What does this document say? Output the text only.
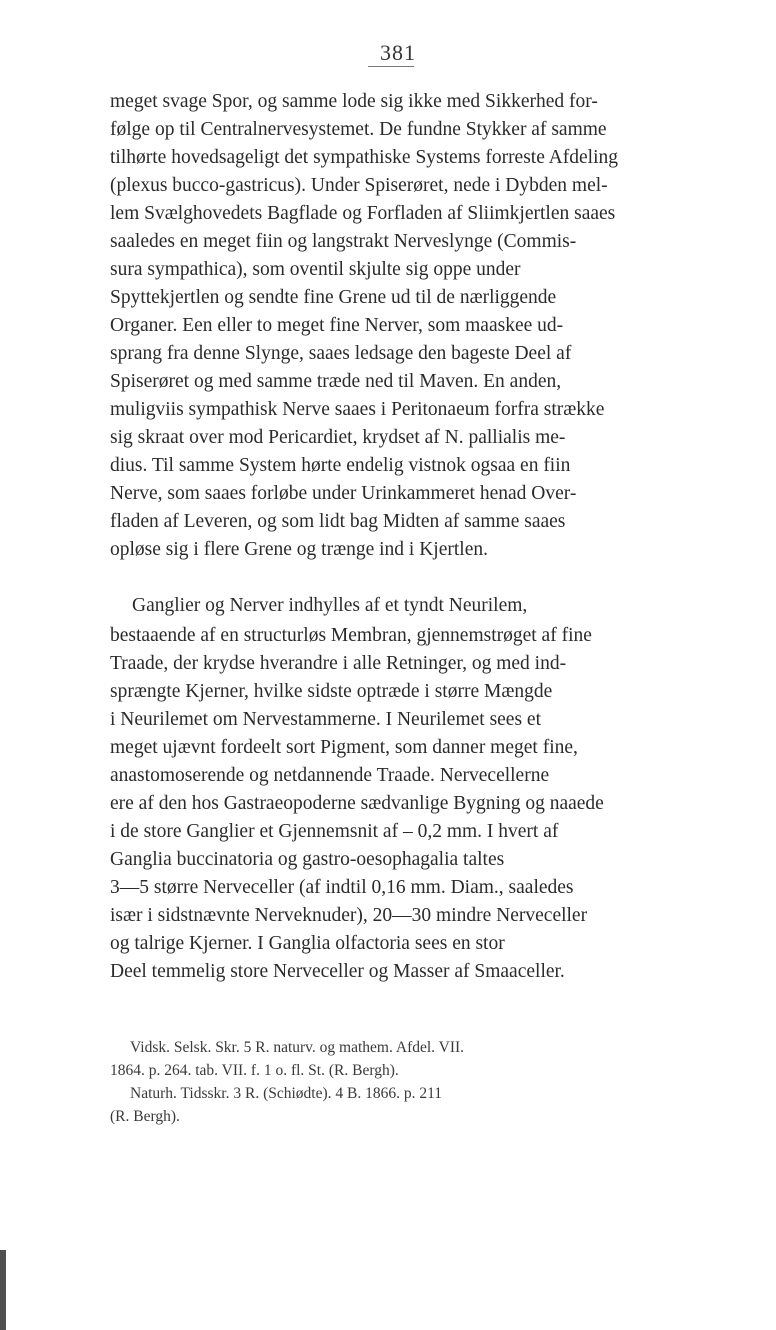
381
meget svage Spor, og samme lode sig ikke med Sikkerhed for-
følge op til Centralnervesystemet. De fundne Stykker af samme
tilhørte hovedsageligt det sympathiske Systems forreste Afdeling
(plexus bucco-gastricus). Under Spiserøret, nede i Dybden mel-
lem Svælghovedets Bagflade og Forfladen af Sliimkjertlen saaes
saaledes en meget fiin og langstrakt Nerveslynge (Commis-
sura sympathica), som oventil skjulte sig oppe under
Spyttekjertlen og sendte fine Grene ud til de nærliggende
Organer. Een eller to meget fine Nerver, som maaskee ud-
sprang fra denne Slynge, saaes ledsage den bageste Deel af
Spiserøret og med samme træde ned til Maven. En anden,
muligviis sympathisk Nerve saaes i Peritonaeum forfra strække
sig skraat over mod Pericardiet, krydset af N. pallialis me-
dius. Til samme System hørte endelig vistnok ogsaa en fiin
Nerve, som saaes forløbe under Urinkammeret henad Over-
fladen af Leveren, og som lidt bag Midten af samme saaes
opløse sig i flere Grene og trænge ind i Kjertlen.
Ganglier og Nerver indhylles af et tyndt Neurilem,
bestaaende af en structurløs Membran, gjennemstrøget af fine
Traade, der krydse hverandre i alle Retninger, og med ind-
sprængte Kjerner, hvilke sidste optræde i større Mængde
i Neurilemet om Nervestammerne. I Neurilemet sees et
meget ujævnt fordeelt sort Pigment, som danner meget fine,
anastomoserende og netdannende Traade. Nervecellerne
ere af den hos Gastraeopoderne sædvanlige Bygning og naaede
i de store Ganglier et Gjennemsnit af – 0,2 mm. I hvert af
Ganglia buccinatoria og gastro-oesophagalia taltes
3—5 større Nerveceller (af indtil 0,16 mm. Diam., saaledes
især i sidstnævnte Nerveknuder), 20—30 mindre Nerveceller
og talrige Kjerner. I Ganglia olfactoria sees en stor
Deel temmelig store Nerveceller og Masser af Smaaceller.
Vidsk. Selsk. Skr. 5 R. naturv. og mathem. Afdel. VII.
1864. p. 264. tab. VII. f. 1 o. fl. St. (R. Bergh).
Naturh. Tidsskr. 3 R. (Schiødte). 4 B. 1866. p. 211
(R. Bergh).
